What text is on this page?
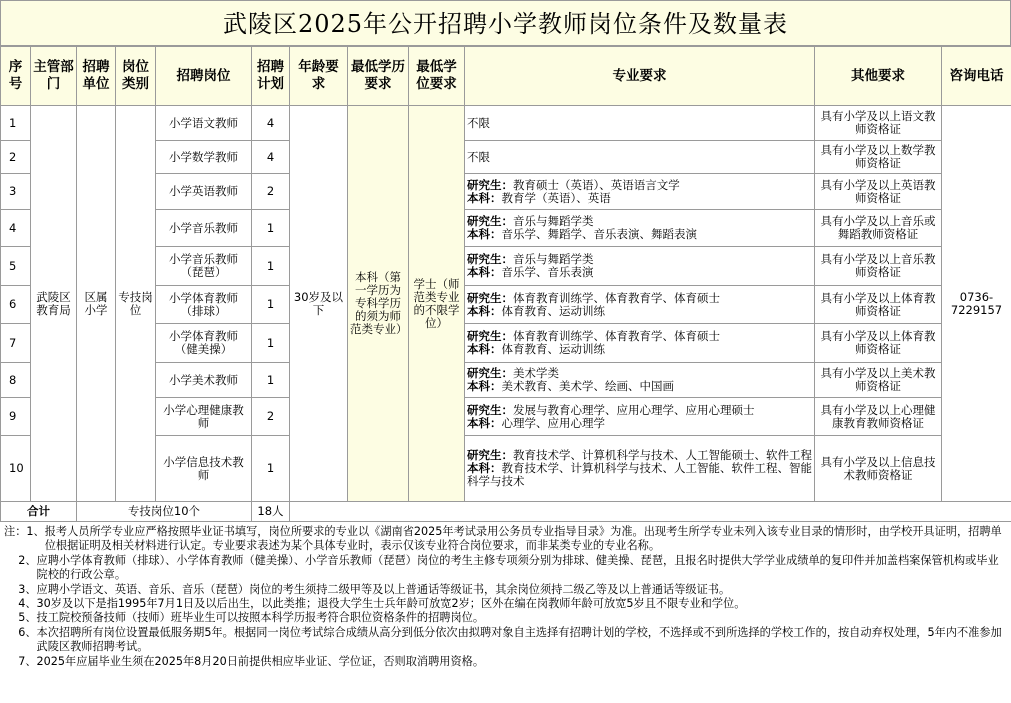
武陵区2025年公开招聘小学教师岗位条件及数量表
序号	主管部门	招聘单位	岗位类别	招聘岗位	招聘计划	年龄要求	最低学历要求	最低学位要求	专业要求	其他要求	咨询电话
1	武陵区教育局	区属小学	专技岗位	小学语文教师	4	30岁及以下	本科（第一学历为专科学历的须为师范类专业）	学士（师范类专业的不限学位）	不限	具有小学及以上语文教师资格证	0736-7229157
2				小学数学教师	4				不限	具有小学及以上数学教师资格证	
3				小学英语教师	2				研究生：教育硕士（英语）、英语语言文学
本科：教育学（英语）、英语	具有小学及以上英语教师资格证	
4				小学音乐教师	1				研究生：音乐与舞蹈学类
本科：音乐学、舞蹈学、音乐表演、舞蹈表演	具有小学及以上音乐或舞蹈教师资格证	
5				小学音乐教师（琵琶）	1				研究生：音乐与舞蹈学类
本科：音乐学、音乐表演	具有小学及以上音乐教师资格证	
6				小学体育教师（排球）	1				研究生：体育教育训练学、体育教育学、体育硕士
本科：体育教育、运动训练	具有小学及以上体育教师资格证	
7				小学体育教师（健美操）	1				研究生：体育教育训练学、体育教育学、体育硕士
本科：体育教育、运动训练	具有小学及以上体育教师资格证	
8				小学美术教师	1				研究生：美术学类
本科：美术教育、美术学、绘画、中国画	具有小学及以上美术教师资格证	
9				小学心理健康教师	2				研究生：发展与教育心理学、应用心理学、应用心理硕士
本科：心理学、应用心理学	具有小学及以上心理健康教育教师资格证	
10				小学信息技术教师	1				研究生：教育技术学、计算机科学与技术、人工智能硕士、软件工程
本科：教育技术学、计算机科学与技术、人工智能、软件工程、智能科学与技术	具有小学及以上信息技术教师资格证	
合计		专技岗位10个			18人						
注：1、 报考人员所学专业应严格按照毕业证书填写，岗位所要求的专业以《湖南省2025年考试录用公务员专业指导目录》为准。出现考生所学专业未列入该专业目录的情形时，由学校开具证明，招聘单位根据证明及相关材料进行认定。专业要求表述为某个具体专业时，表示仅该专业符合岗位要求，而非某类专业的专业名称。
2、 应聘小学体育教师（排球）、小学体育教师（健美操）、小学音乐教师（琵琶）岗位的考生主修专项须分别为排球、健美操、琵琶，且报名时提供大学学业成绩单的复印件并加盖档案保管机构或毕业院校的行政公章。
3、 应聘小学语文、英语、音乐、音乐（琵琶）岗位的考生须持二级甲等及以上普通话等级证书，其余岗位须持二级乙等及以上普通话等级证书。
4、 30岁及以下是指1995年7月1日及以后出生，以此类推；退役大学生士兵年龄可放宽2岁；区外在编在岗教师年龄可放宽5岁且不限专业和学位。
5、 技工院校预备技师（技师）班毕业生可以按照本科学历报考符合职位资格条件的招聘岗位。
6、 本次招聘所有岗位设置最低服务期5年。根据同一岗位考试综合成绩从高分到低分依次由拟聘对象自主选择有招聘计划的学校，不选择或不到所选择的学校工作的，按自动弃权处理，5年内不准参加武陵区教师招聘考试。
7、 2025年应届毕业生须在2025年8月20日前提供相应毕业证、学位证，否则取消聘用资格。
